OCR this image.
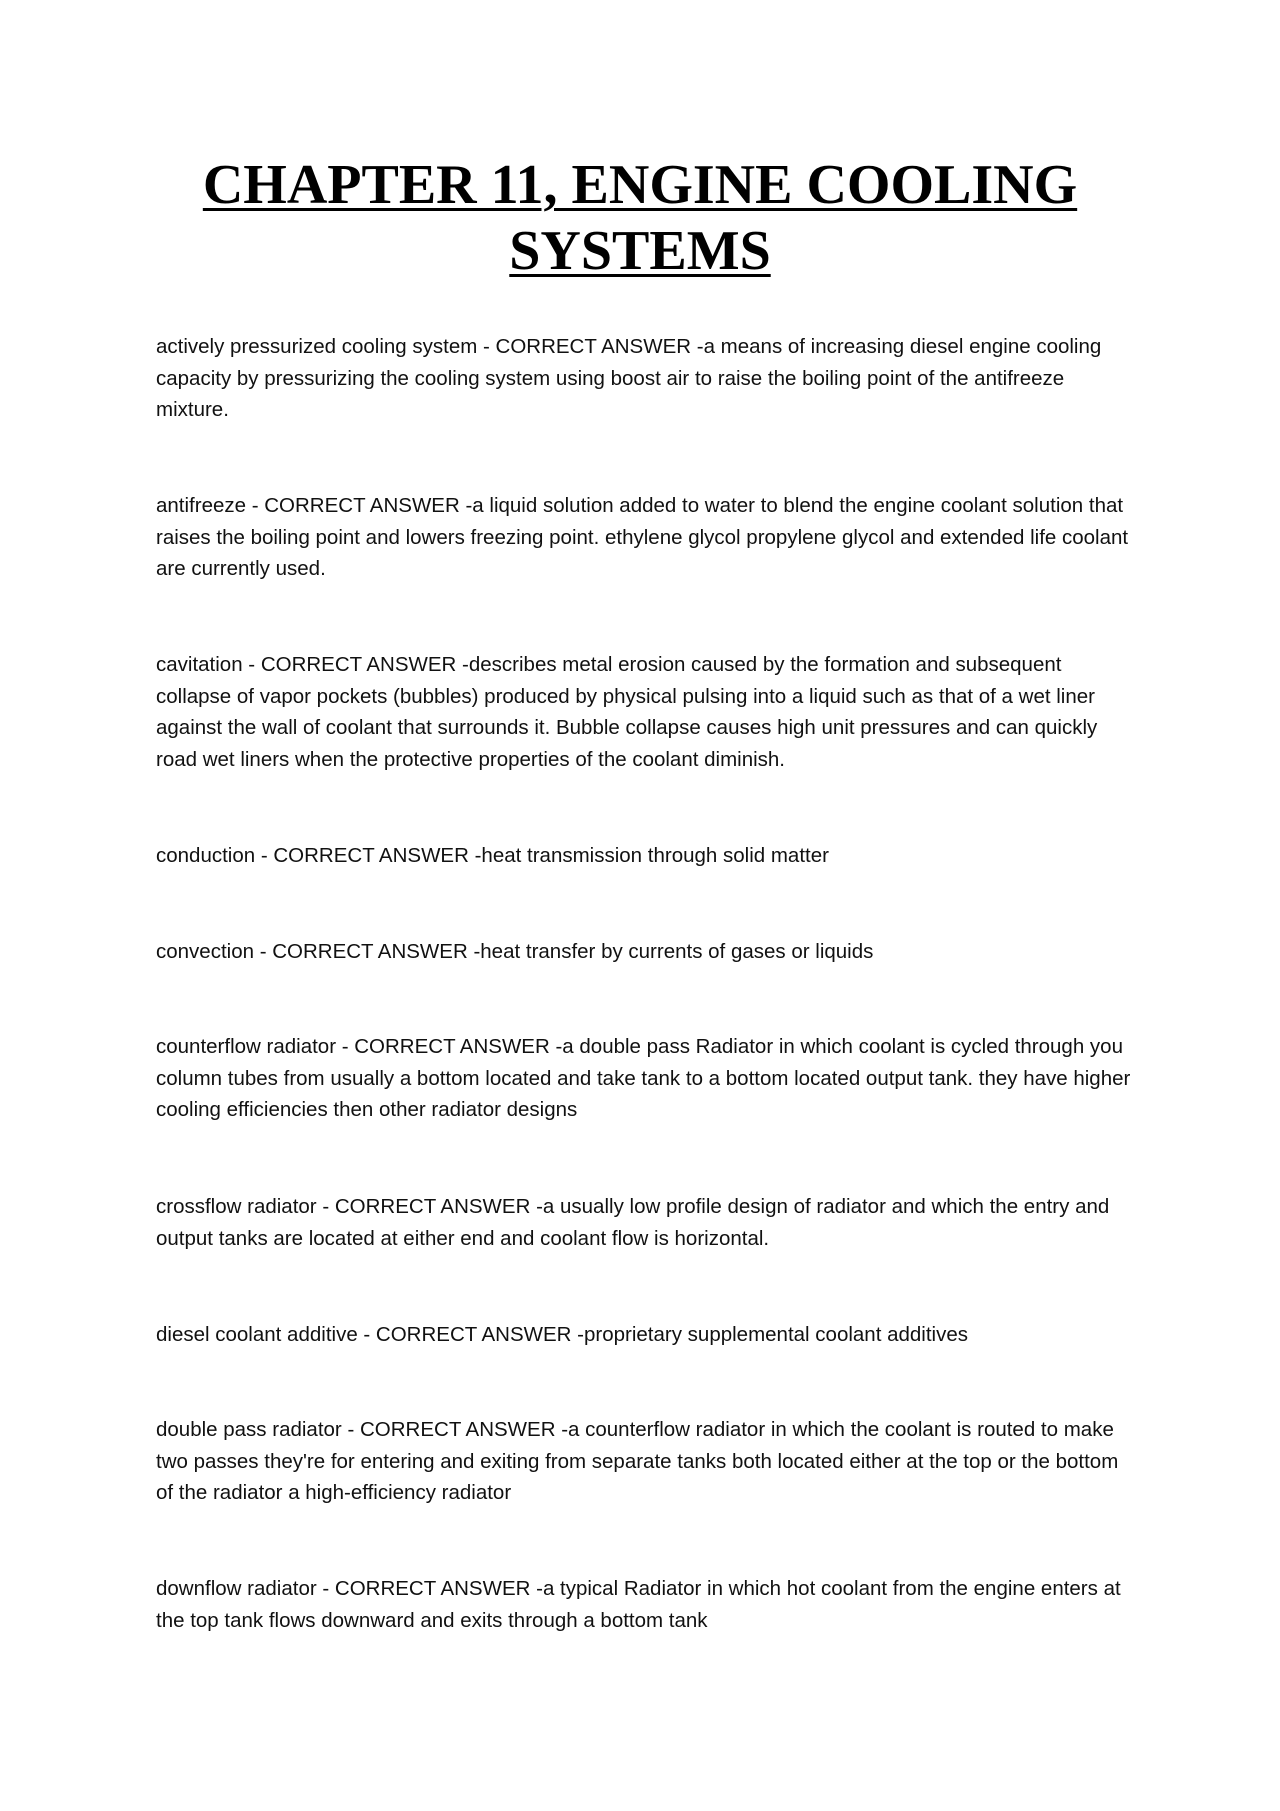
CHAPTER 11, ENGINE COOLING SYSTEMS

actively pressurized cooling system - CORRECT ANSWER -a means of increasing diesel engine cooling capacity by pressurizing the cooling system using boost air to raise the boiling point of the antifreeze mixture.

antifreeze - CORRECT ANSWER -a liquid solution added to water to blend the engine coolant solution that raises the boiling point and lowers freezing point. ethylene glycol propylene glycol and extended life coolant are currently used.

cavitation - CORRECT ANSWER -describes metal erosion caused by the formation and subsequent collapse of vapor pockets (bubbles) produced by physical pulsing into a liquid such as that of a wet liner against the wall of coolant that surrounds it. Bubble collapse causes high unit pressures and can quickly road wet liners when the protective properties of the coolant diminish.

conduction - CORRECT ANSWER -heat transmission through solid matter

convection - CORRECT ANSWER -heat transfer by currents of gases or liquids

counterflow radiator - CORRECT ANSWER -a double pass Radiator in which coolant is cycled through you column tubes from usually a bottom located and take tank to a bottom located output tank. they have higher cooling efficiencies then other radiator designs

crossflow radiator - CORRECT ANSWER -a usually low profile design of radiator and which the entry and output tanks are located at either end and coolant flow is horizontal.

diesel coolant additive - CORRECT ANSWER -proprietary supplemental coolant additives

double pass radiator - CORRECT ANSWER -a counterflow radiator in which the coolant is routed to make two passes they're for entering and exiting from separate tanks both located either at the top or the bottom of the radiator a high-efficiency radiator

downflow radiator - CORRECT ANSWER -a typical Radiator in which hot coolant from the engine enters at the top tank flows downward and exits through a bottom tank
